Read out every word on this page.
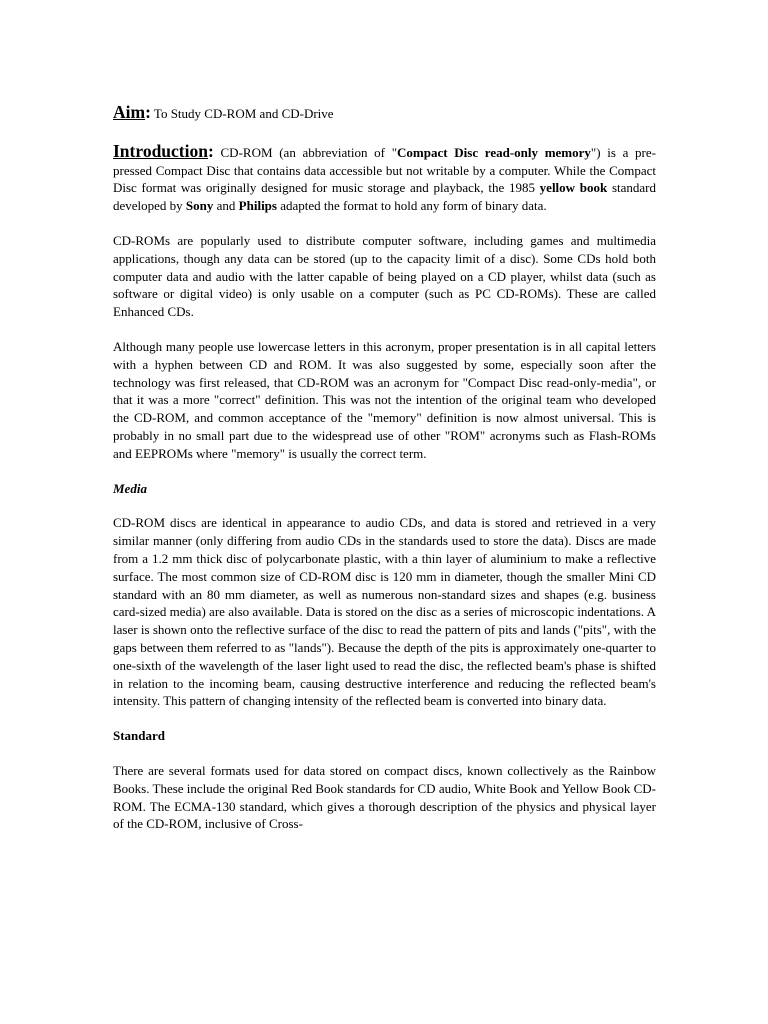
Aim: To Study CD-ROM and CD-Drive

Introduction: CD-ROM (an abbreviation of "Compact Disc read-only memory") is a pre-pressed Compact Disc that contains data accessible but not writable by a computer. While the Compact Disc format was originally designed for music storage and playback, the 1985 yellow book standard developed by Sony and Philips adapted the format to hold any form of binary data.

CD-ROMs are popularly used to distribute computer software, including games and multimedia applications, though any data can be stored (up to the capacity limit of a disc). Some CDs hold both computer data and audio with the latter capable of being played on a CD player, whilst data (such as software or digital video) is only usable on a computer (such as PC CD-ROMs). These are called Enhanced CDs.

Although many people use lowercase letters in this acronym, proper presentation is in all capital letters with a hyphen between CD and ROM. It was also suggested by some, especially soon after the technology was first released, that CD-ROM was an acronym for "Compact Disc read-only-media", or that it was a more "correct" definition. This was not the intention of the original team who developed the CD-ROM, and common acceptance of the "memory" definition is now almost universal. This is probably in no small part due to the widespread use of other "ROM" acronyms such as Flash-ROMs and EEPROMs where "memory" is usually the correct term.

Media

CD-ROM discs are identical in appearance to audio CDs, and data is stored and retrieved in a very similar manner (only differing from audio CDs in the standards used to store the data). Discs are made from a 1.2 mm thick disc of polycarbonate plastic, with a thin layer of aluminium to make a reflective surface. The most common size of CD-ROM disc is 120 mm in diameter, though the smaller Mini CD standard with an 80 mm diameter, as well as numerous non-standard sizes and shapes (e.g. business card-sized media) are also available. Data is stored on the disc as a series of microscopic indentations. A laser is shown onto the reflective surface of the disc to read the pattern of pits and lands ("pits", with the gaps between them referred to as "lands"). Because the depth of the pits is approximately one-quarter to one-sixth of the wavelength of the laser light used to read the disc, the reflected beam's phase is shifted in relation to the incoming beam, causing destructive interference and reducing the reflected beam's intensity. This pattern of changing intensity of the reflected beam is converted into binary data.

Standard

There are several formats used for data stored on compact discs, known collectively as the Rainbow Books. These include the original Red Book standards for CD audio, White Book and Yellow Book CD-ROM. The ECMA-130 standard, which gives a thorough description of the physics and physical layer of the CD-ROM, inclusive of Cross-
